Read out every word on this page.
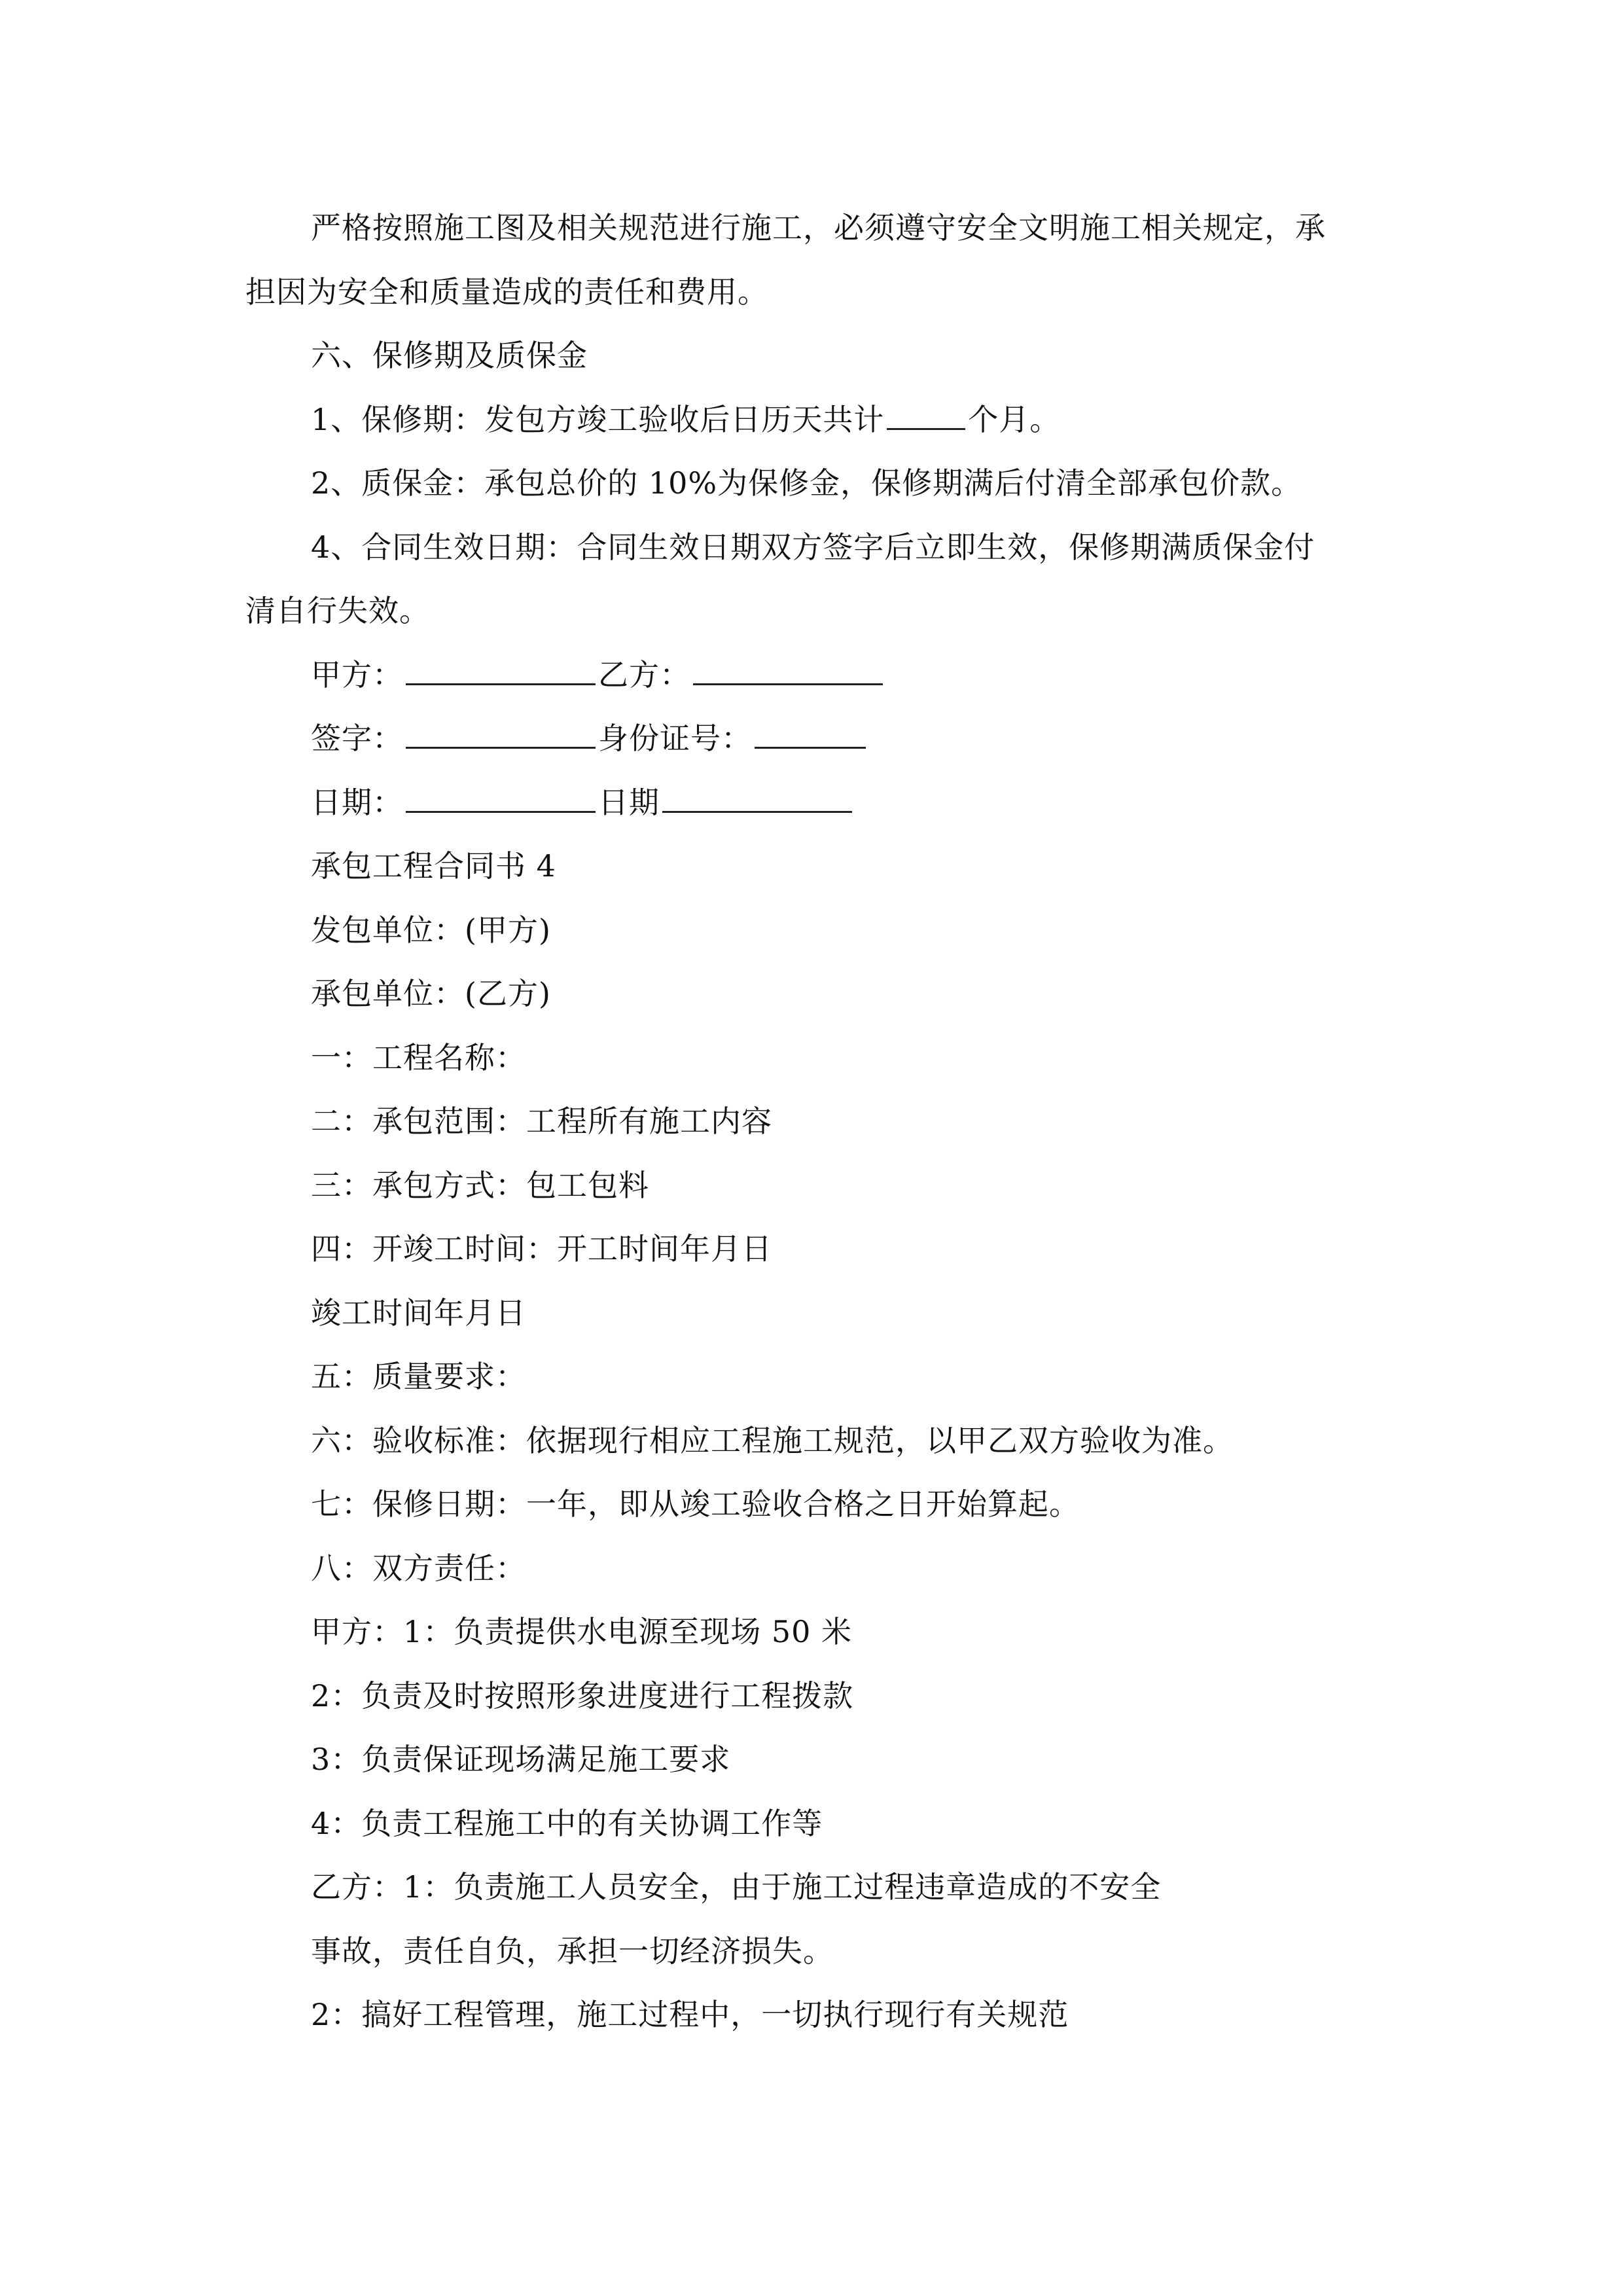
严格按照施工图及相关规范进行施工，必须遵守安全文明施工相关规定，承
担因为安全和质量造成的责任和费用。
六、保修期及质保金
1、保修期：发包方竣工验收后日历天共计	个月。
2、质保金：承包总价的 10%为保修金，保修期满后付清全部承包价款。
4、合同生效日期：合同生效日期双方签字后立即生效，保修期满质保金付
清自行失效。
甲方：	乙方：
签字：	身份证号：
日期：	日期
承包工程合同书 4
发包单位：(甲方)
承包单位：(乙方)
一：工程名称：
二：承包范围：工程所有施工内容
三：承包方式：包工包料
四：开竣工时间：开工时间年月日
竣工时间年月日
五：质量要求：
六：验收标准：依据现行相应工程施工规范，以甲乙双方验收为准。
七：保修日期：一年，即从竣工验收合格之日开始算起。
八：双方责任：
甲方：1：负责提供水电源至现场 50 米
2：负责及时按照形象进度进行工程拨款
3：负责保证现场满足施工要求
4：负责工程施工中的有关协调工作等
乙方：1：负责施工人员安全，由于施工过程违章造成的不安全
事故，责任自负，承担一切经济损失。
2：搞好工程管理，施工过程中，一切执行现行有关规范
